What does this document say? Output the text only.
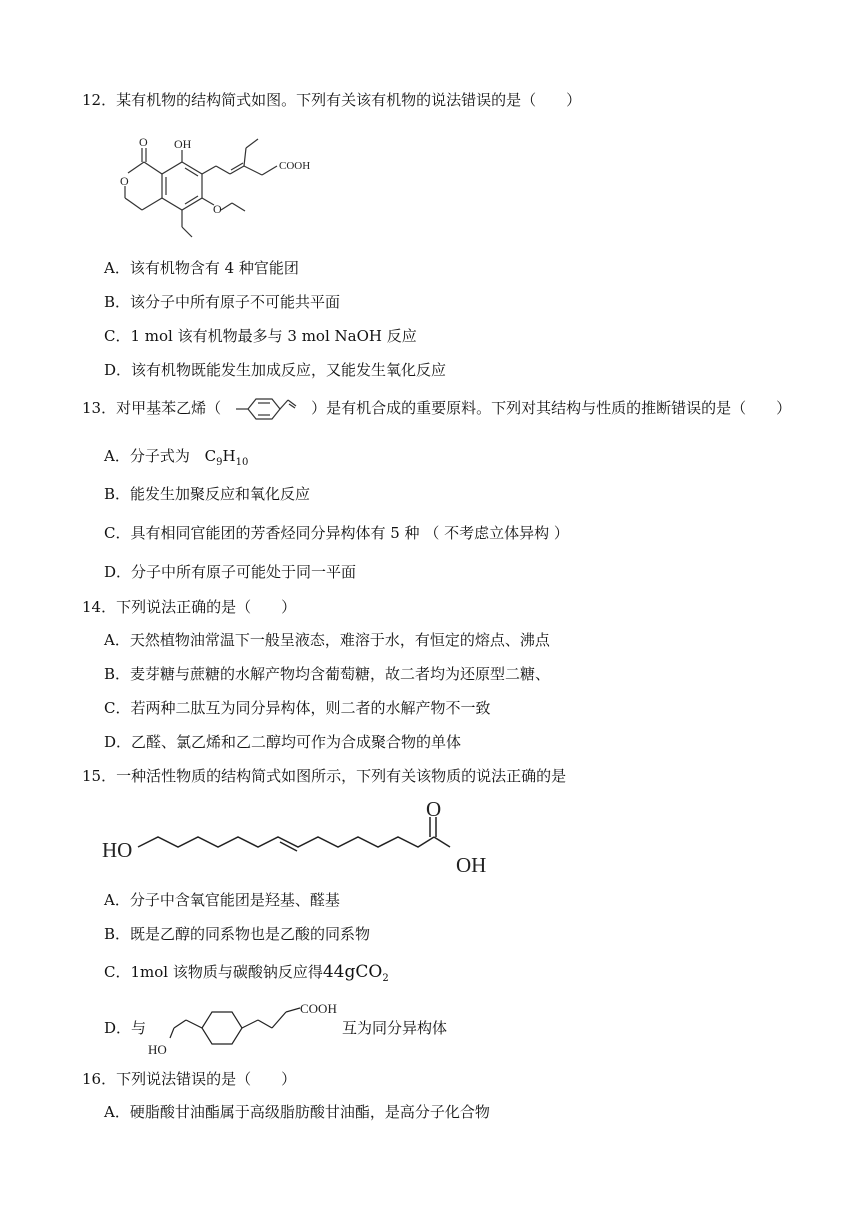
12．某有机物的结构简式如图。下列有关该有机物的说法错误的是（　　）
OH
COOH
O
O
O
A．该有机物含有 4 种官能团
B．该分子中所有原子不可能共平面
C．1 mol 该有机物最多与 3 mol NaOH 反应
D．该有机物既能发生加成反应，又能发生氧化反应
13．对甲基苯乙烯（	）是有机合成的重要原料。下列对其结构与性质的推断错误的是（　　）
A．分子式为 $C_9H_{10}$
B．能发生加聚反应和氧化反应
C．具有相同官能团的芳香烃同分异构体有 5 种 （ 不考虑立体异构 ）
D．分子中所有原子可能处于同一平面
14．下列说法正确的是（　　）
A．天然植物油常温下一般呈液态，难溶于水，有恒定的熔点、沸点
B．麦芽糖与蔗糖的水解产物均含葡萄糖，故二者均为还原型二糖、
C．若两种二肽互为同分异构体，则二者的水解产物不一致
D．乙醛、氯乙烯和乙二醇均可作为合成聚合物的单体
15．一种活性物质的结构简式如图所示，下列有关该物质的说法正确的是
HO
O
OH
A．分子中含氧官能团是羟基、醛基
B．既是乙醇的同系物也是乙酸的同系物
C．1mol 该物质与碳酸钠反应得44gCO$_2$
D．与
COOH
HO
互为同分异构体
16．下列说法错误的是（　　）
A．硬脂酸甘油酯属于高级脂肪酸甘油酯，是高分子化合物
